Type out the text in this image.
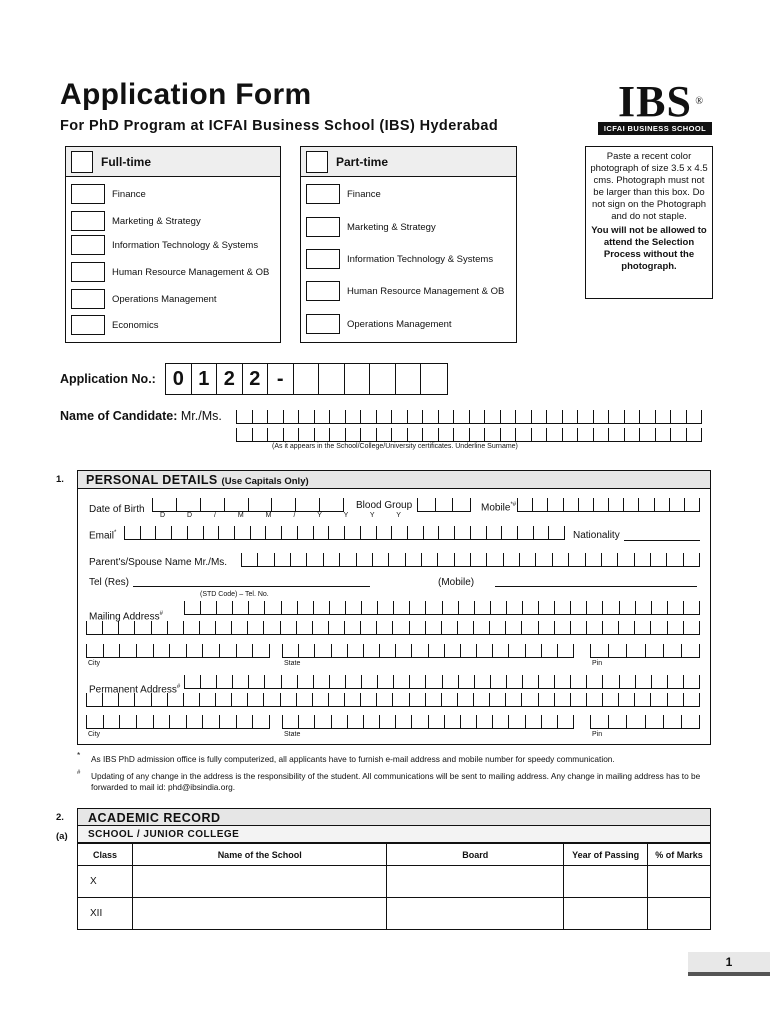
Application Form
For PhD Program at ICFAI Business School (IBS) Hyderabad	IBS ®
ICFAI BUSINESS SCHOOL
Full-time
Finance
Marketing & Strategy
Information Technology & Systems
Human Resource Management & OB
Operations Management
Economics
Part-time
Finance
Marketing & Strategy
Information Technology & Systems
Human Resource Management & OB
Operations Management
Paste a recent color photograph of size 3.5 x 4.5 cms. Photograph must not be larger than this box. Do not sign on the Photograph and do not staple.
You will not be allowed to attend the Selection Process without the photograph.
Application No.: 0 1 2 2 -
Name of Candidate: Mr./Ms.
(As it appears in the School/College/University certificates. Underline Surname)
1.	PERSONAL DETAILS (Use Capitals Only)
Date of Birth
D D / M M / Y Y Y Y
Blood Group	Mobile*#
Email*	Nationality
Parent's/Spouse Name Mr./Ms.
Tel (Res)	(Mobile)
(STD Code) – Tel. No.
Mailing Address#
City	State	Pin
Permanent Address#
City	State	Pin
* As IBS PhD admission office is fully computerized, all applicants have to furnish e-mail address and mobile number for speedy communication.
# Updating of any change in the address is the responsibility of the student. All communications will be sent to mailing address. Any change in mailing address has to be forwarded to mail id: phd@ibsindia.org.
2.
(a)
ACADEMIC RECORD
SCHOOL / JUNIOR COLLEGE
Class	Name of the School	Board	Year of Passing	% of Marks
X				
XII				
1
